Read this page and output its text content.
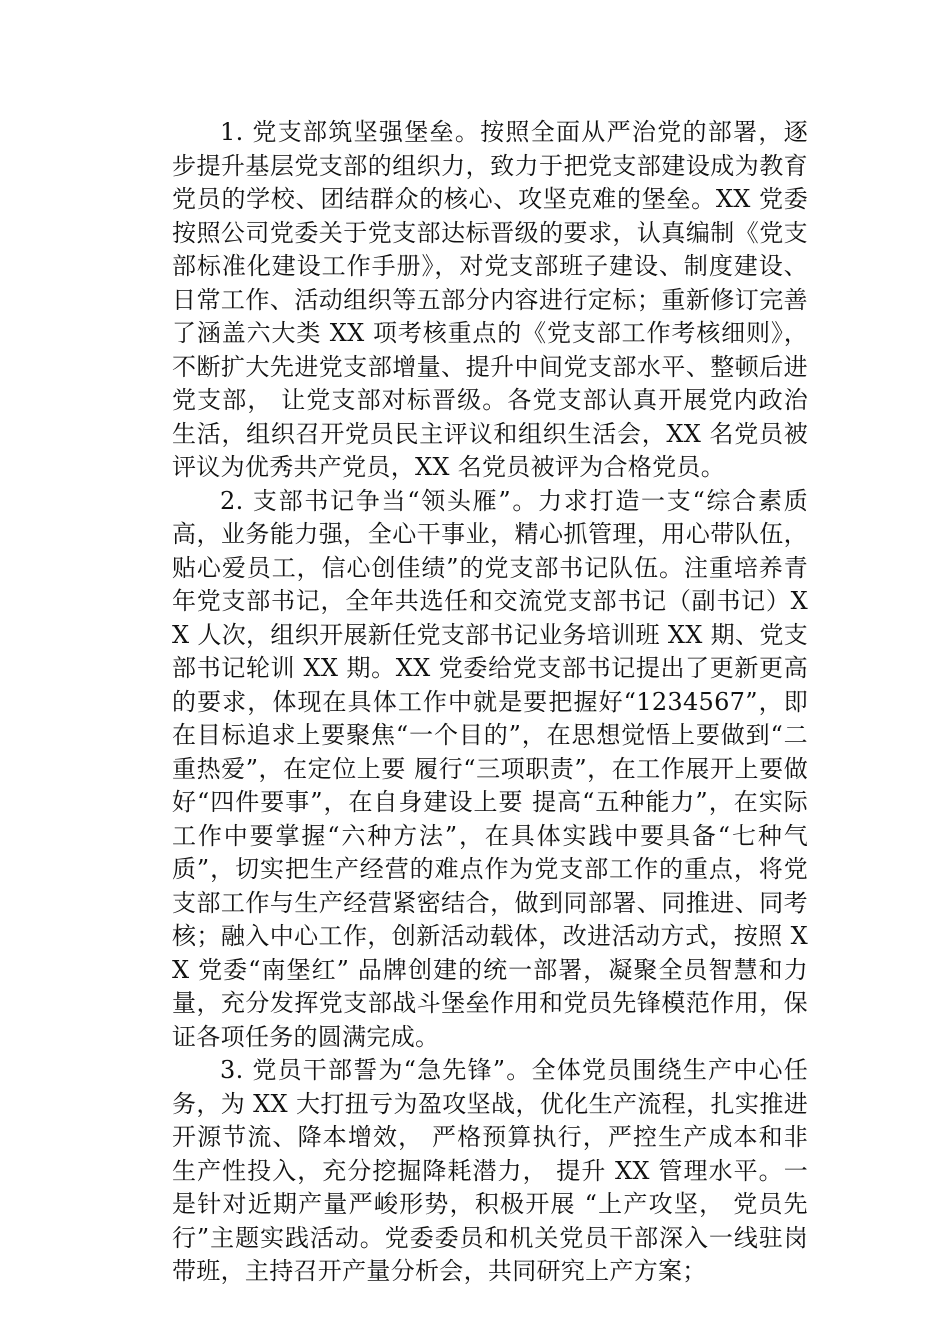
1. 党支部筑坚强堡垒。按照全面从严治党的部署，逐步提升基层党支部的组织力，致力于把党支部建设成为教育党员的学校、团结群众的核心、攻坚克难的堡垒。XX 党委按照公司党委关于党支部达标晋级的要求，认真编制《党支部标准化建设工作手册》，对党支部班子建设、制度建设、日常工作、活动组织等五部分内容进行定标；重新修订完善了涵盖六大类 XX 项考核重点的《党支部工作考核细则》， 不断扩大先进党支部增量、提升中间党支部水平、整顿后进党支部， 让党支部对标晋级。各党支部认真开展党内政治生活，组织召开党员民主评议和组织生活会，XX 名党员被评议为优秀共产党员，XX 名党员被评为合格党员。

2. 支部书记争当“领头雁”。力求打造一支“综合素质高，业务能力强，全心干事业，精心抓管理，用心带队伍，贴心爱员工，信心创佳绩”的党支部书记队伍。注重培养青年党支部书记，全年共选任和交流党支部书记（副书记）XX 人次，组织开展新任党支部书记业务培训班 XX 期、党支部书记轮训 XX 期。XX 党委给党支部书记提出了更新更高的要求，体现在具体工作中就是要把握好“1234567”，即在目标追求上要聚焦“一个目的”，在思想觉悟上要做到“二重热爱”，在定位上要 履行“三项职责”，在工作展开上要做好“四件要事”，在自身建设上要 提高“五种能力”，在实际工作中要掌握“六种方法”，在具体实践中要具备“七种气质”，切实把生产经营的难点作为党支部工作的重点，将党支部工作与生产经营紧密结合，做到同部署、同推进、同考核；融入中心工作，创新活动载体，改进活动方式，按照 XX 党委“南堡红” 品牌创建的统一部署，凝聚全员智慧和力量，充分发挥党支部战斗堡垒作用和党员先锋模范作用，保证各项任务的圆满完成。

3. 党员干部誓为“急先锋”。全体党员围绕生产中心任务，为 XX 大打扭亏为盈攻坚战，优化生产流程，扎实推进开源节流、降本增效， 严格预算执行，严控生产成本和非生产性投入，充分挖掘降耗潜力， 提升 XX 管理水平。一是针对近期产量严峻形势，积极开展 “上产攻坚， 党员先行”主题实践活动。党委委员和机关党员干部深入一线驻岗带班，主持召开产量分析会，共同研究上产方案；
